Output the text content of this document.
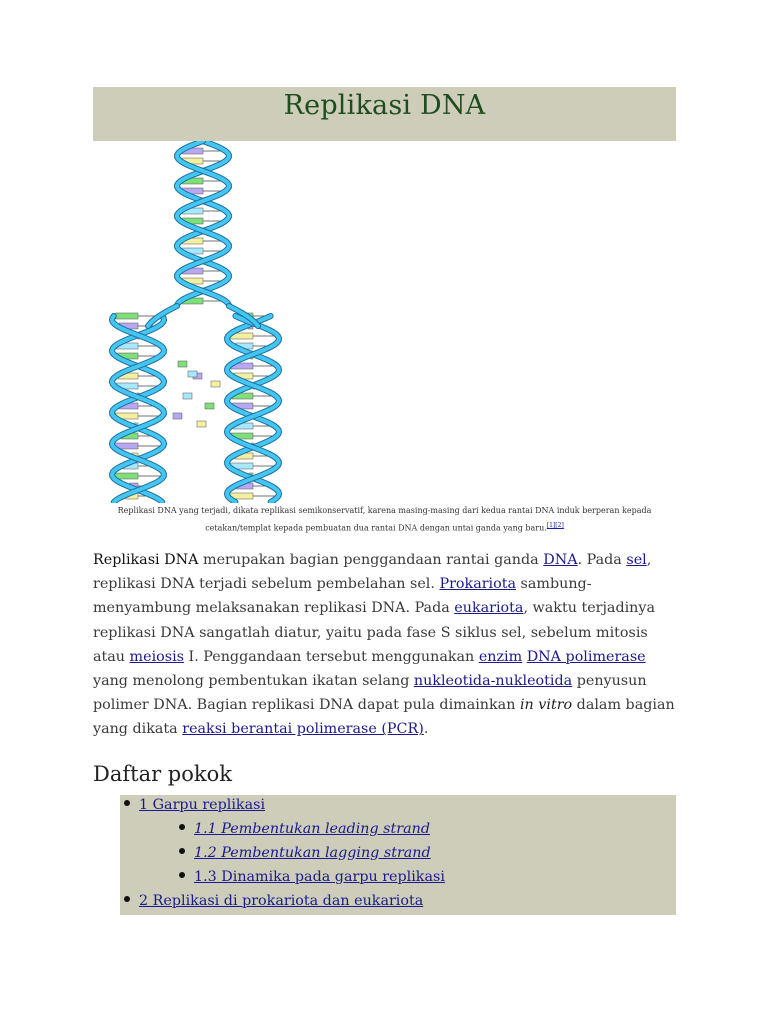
Replikasi DNA
Replikasi DNA yang terjadi, dikata replikasi semikonservatif, karena masing-masing dari kedua rantai DNA induk berperan kepada cetakan/templat kepada pembuatan dua rantai DNA dengan untai ganda yang baru.[1][2]

Replikasi DNA merupakan bagian penggandaan rantai ganda DNA. Pada sel, replikasi DNA terjadi sebelum pembelahan sel. Prokariota sambung-menyambung melaksanakan replikasi DNA. Pada eukariota, waktu terjadinya replikasi DNA sangatlah diatur, yaitu pada fase S siklus sel, sebelum mitosis atau meiosis I. Penggandaan tersebut menggunakan enzim DNA polimerase yang menolong pembentukan ikatan selang nukleotida-nukleotida penyusun polimer DNA. Bagian replikasi DNA dapat pula dimainkan in vitro dalam bagian yang dikata reaksi berantai polimerase (PCR).

Daftar pokok
1 Garpu replikasi
1.1 Pembentukan leading strand
1.2 Pembentukan lagging strand
1.3 Dinamika pada garpu replikasi
2 Replikasi di prokariota dan eukariota
